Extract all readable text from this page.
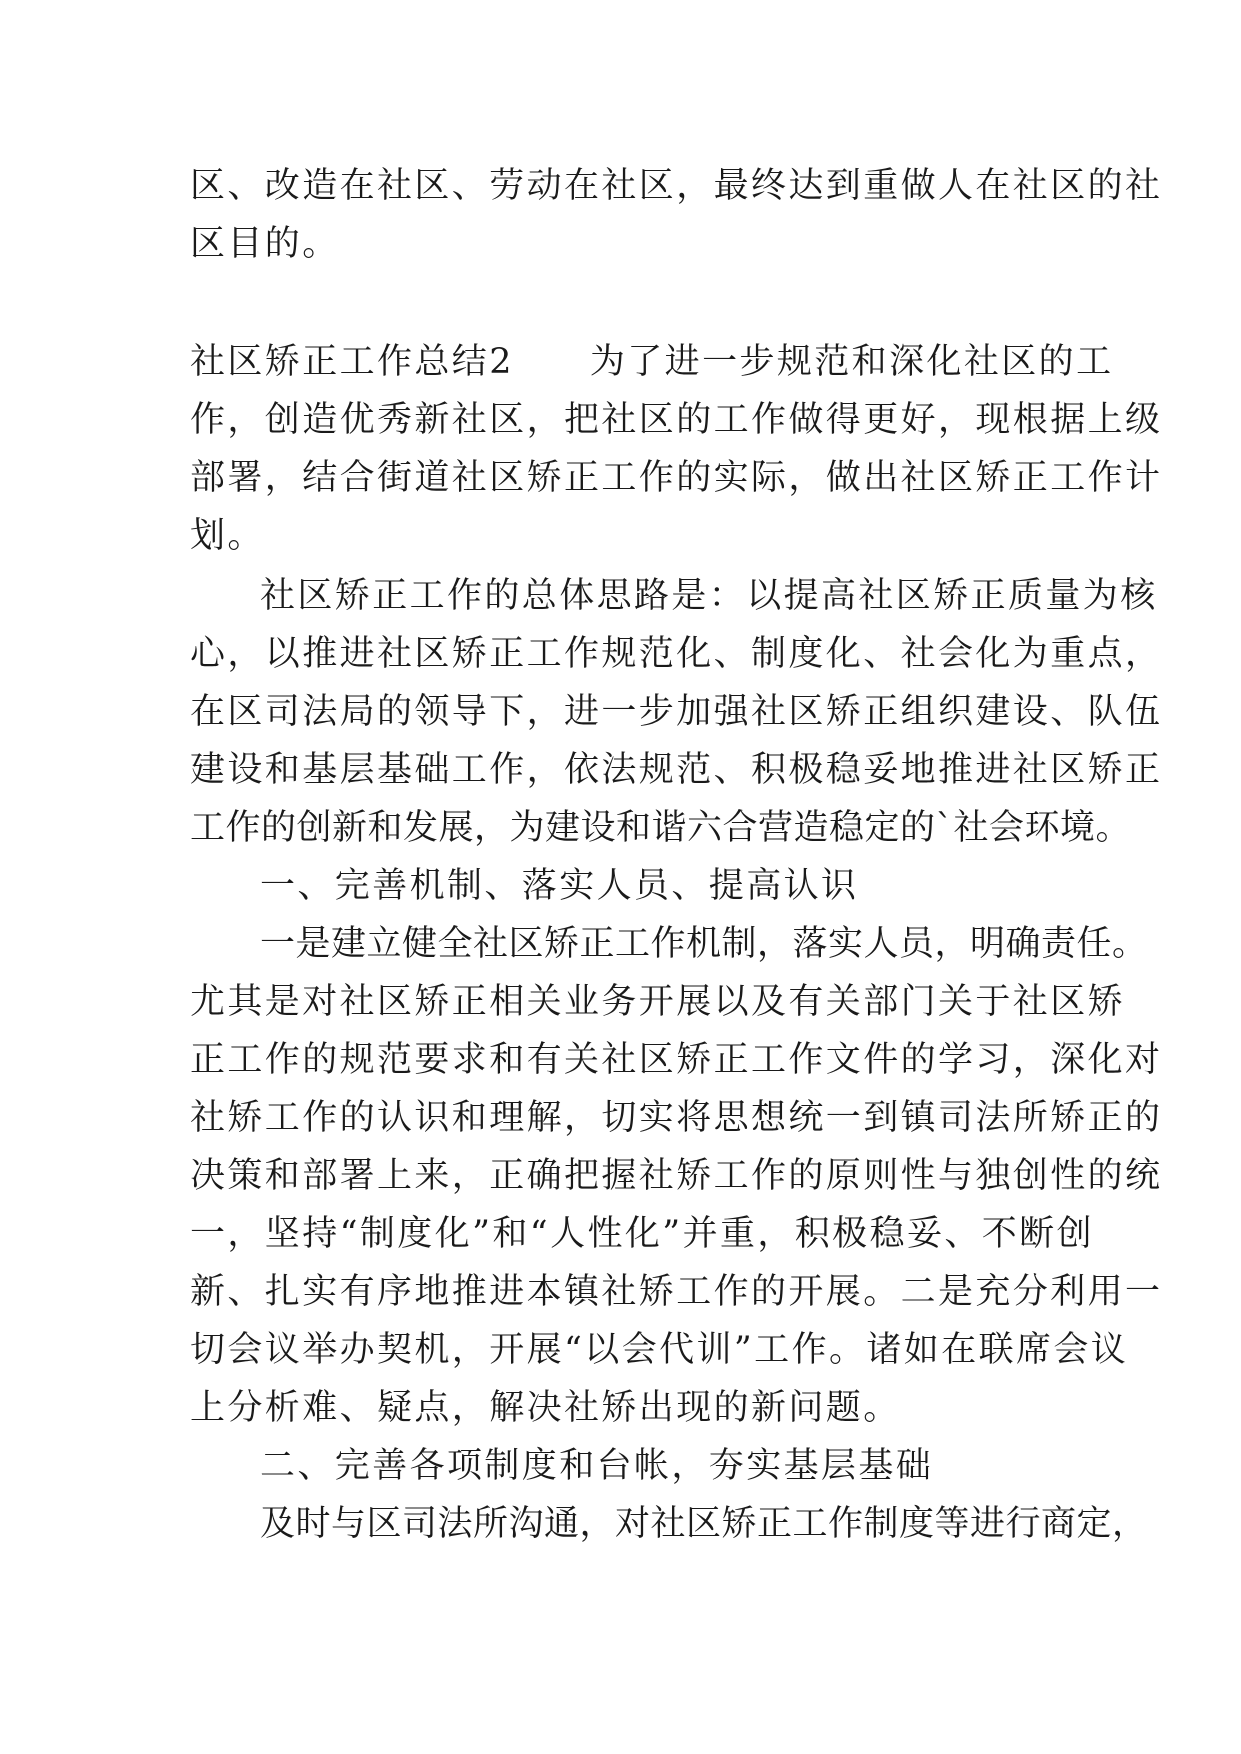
区、改造在社区、劳动在社区，最终达到重做人在社区的社
区目的。
社区矫正工作总结2 为了进一步规范和深化社区的工
作，创造优秀新社区，把社区的工作做得更好，现根据上级
部署，结合街道社区矫正工作的实际，做出社区矫正工作计
划。
社区矫正工作的总体思路是：以提高社区矫正质量为核
心，以推进社区矫正工作规范化、制度化、社会化为重点，
在区司法局的领导下，进一步加强社区矫正组织建设、队伍
建设和基层基础工作，依法规范、积极稳妥地推进社区矫正
工作的创新和发展，为建设和谐六合营造稳定的`社会环境。
一、完善机制、落实人员、提高认识
一是建立健全社区矫正工作机制，落实人员，明确责任。
尤其是对社区矫正相关业务开展以及有关部门关于社区矫
正工作的规范要求和有关社区矫正工作文件的学习，深化对
社矫工作的认识和理解，切实将思想统一到镇司法所矫正的
决策和部署上来，正确把握社矫工作的原则性与独创性的统
一，坚持“制度化”和“人性化”并重，积极稳妥、不断创
新、扎实有序地推进本镇社矫工作的开展。二是充分利用一
切会议举办契机，开展“以会代训”工作。诸如在联席会议
上分析难、疑点，解决社矫出现的新问题。
二、完善各项制度和台帐，夯实基层基础
及时与区司法所沟通，对社区矫正工作制度等进行商定，
